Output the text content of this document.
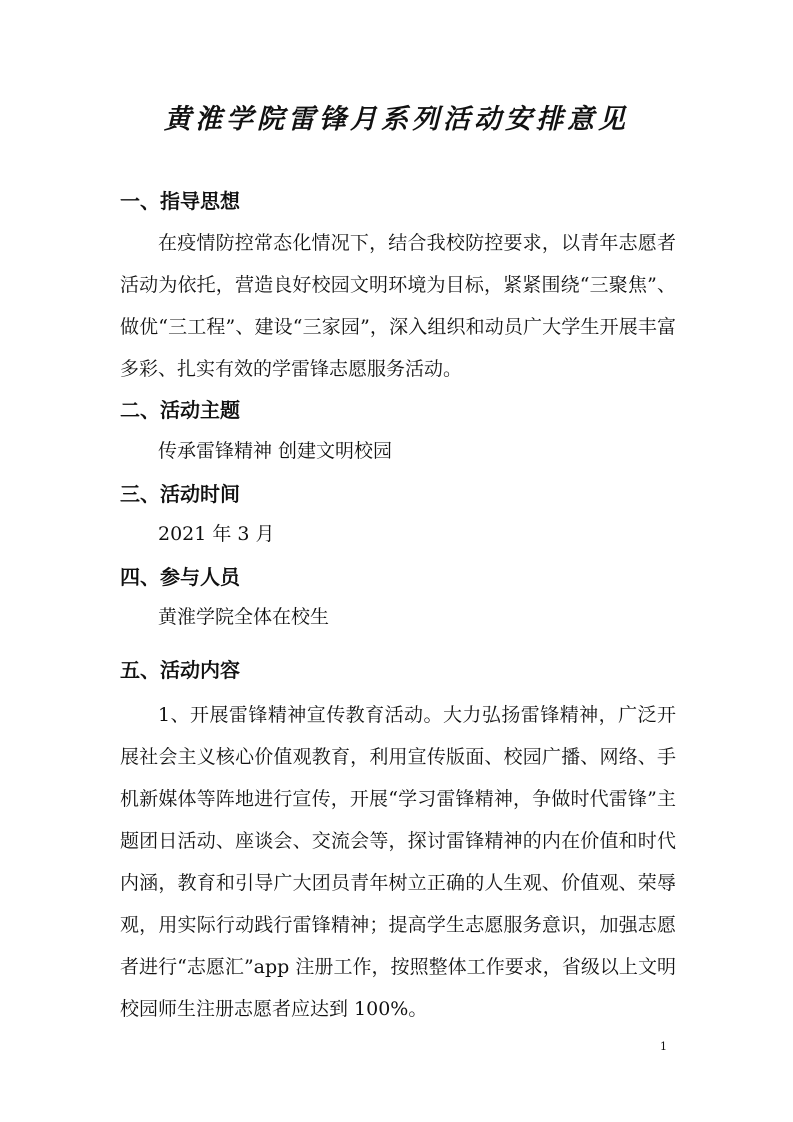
黄淮学院雷锋月系列活动安排意见
一、指导思想

在疫情防控常态化情况下，结合我校防控要求，以青年志愿者活动为依托，营造良好校园文明环境为目标，紧紧围绕“三聚焦”、做优“三工程”、建设“三家园”，深入组织和动员广大学生开展丰富多彩、扎实有效的学雷锋志愿服务活动。

二、活动主题
传承雷锋精神 创建文明校园
三、活动时间
2021 年 3 月
四、参与人员
黄淮学院全体在校生
五、活动内容

1、开展雷锋精神宣传教育活动。大力弘扬雷锋精神，广泛开展社会主义核心价值观教育，利用宣传版面、校园广播、网络、手机新媒体等阵地进行宣传，开展“学习雷锋精神，争做时代雷锋”主题团日活动、座谈会、交流会等，探讨雷锋精神的内在价值和时代内涵，教育和引导广大团员青年树立正确的人生观、价值观、荣辱观，用实际行动践行雷锋精神；提高学生志愿服务意识，加强志愿者进行“志愿汇”app 注册工作，按照整体工作要求，省级以上文明校园师生注册志愿者应达到 100%。

1
